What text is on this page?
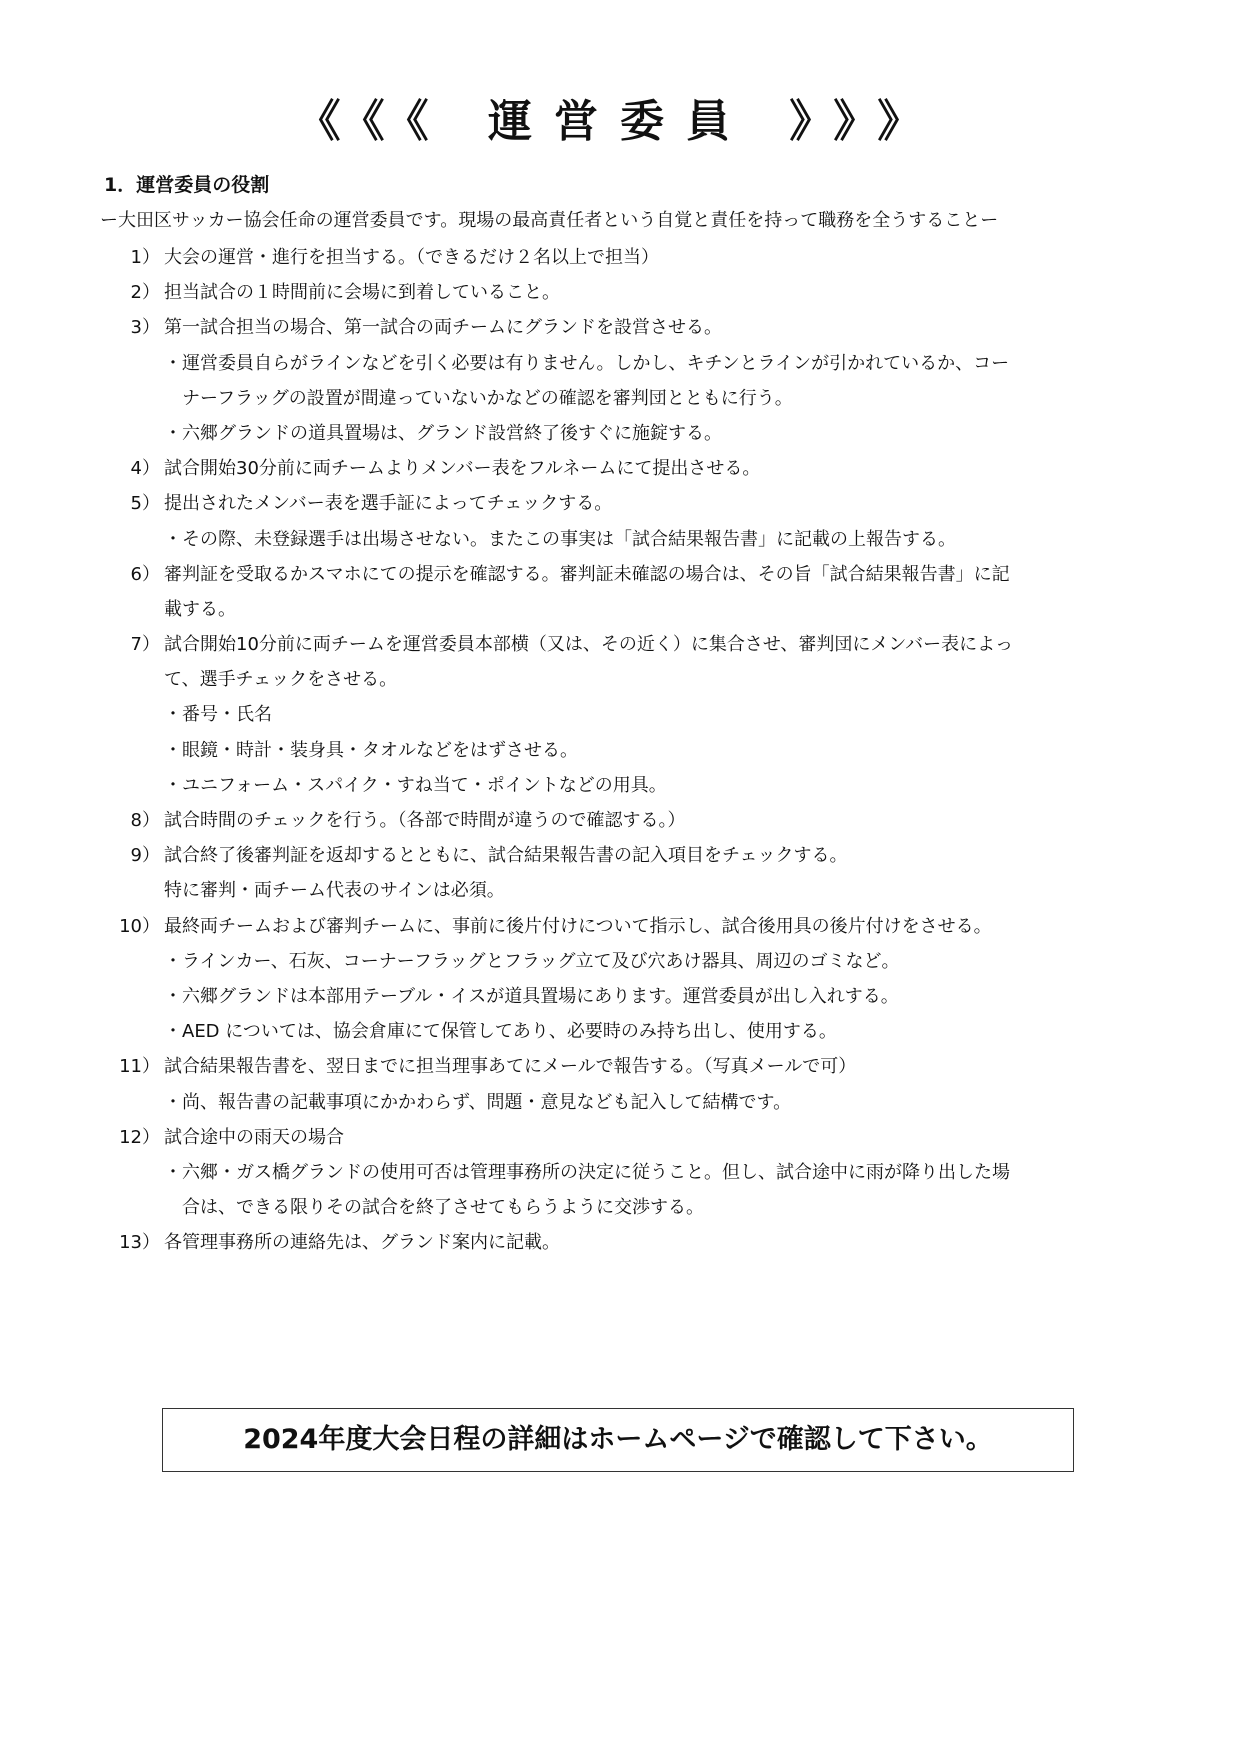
《《《 運営委員 》》》
1．運営委員の役割
ー大田区サッカー協会任命の運営委員です。現場の最高責任者という自覚と責任を持って職務を全うすることー
1） 大会の運営・進行を担当する。（できるだけ２名以上で担当）
2） 担当試合の１時間前に会場に到着していること。
3） 第一試合担当の場合、第一試合の両チームにグランドを設営させる。
・運営委員自らがラインなどを引く必要は有りません。しかし、キチンとラインが引かれているか、コー
ナーフラッグの設置が間違っていないかなどの確認を審判団とともに行う。
・六郷グランドの道具置場は、グランド設営終了後すぐに施錠する。
4） 試合開始30分前に両チームよりメンバー表をフルネームにて提出させる。
5） 提出されたメンバー表を選手証によってチェックする。
・その際、未登録選手は出場させない。またこの事実は「試合結果報告書」に記載の上報告する。
6） 審判証を受取るかスマホにての提示を確認する。審判証未確認の場合は、その旨「試合結果報告書」に記
載する。
7） 試合開始10分前に両チームを運営委員本部横（又は、その近く）に集合させ、審判団にメンバー表によっ
て、選手チェックをさせる。
・番号・氏名
・眼鏡・時計・装身具・タオルなどをはずさせる。
・ユニフォーム・スパイク・すね当て・ポイントなどの用具。
8） 試合時間のチェックを行う。（各部で時間が違うので確認する。）
9） 試合終了後審判証を返却するとともに、試合結果報告書の記入項目をチェックする。
特に審判・両チーム代表のサインは必須。
10） 最終両チームおよび審判チームに、事前に後片付けについて指示し、試合後用具の後片付けをさせる。
・ラインカー、石灰、コーナーフラッグとフラッグ立て及び穴あけ器具、周辺のゴミなど。
・六郷グランドは本部用テーブル・イスが道具置場にあります。運営委員が出し入れする。
・AED については、協会倉庫にて保管してあり、必要時のみ持ち出し、使用する。
11） 試合結果報告書を、翌日までに担当理事あてにメールで報告する。（写真メールで可）
・尚、報告書の記載事項にかかわらず、問題・意見なども記入して結構です。
12） 試合途中の雨天の場合
・六郷・ガス橋グランドの使用可否は管理事務所の決定に従うこと。但し、試合途中に雨が降り出した場
合は、できる限りその試合を終了させてもらうように交渉する。
13） 各管理事務所の連絡先は、グランド案内に記載。
2024年度大会日程の詳細はホームページで確認して下さい。
